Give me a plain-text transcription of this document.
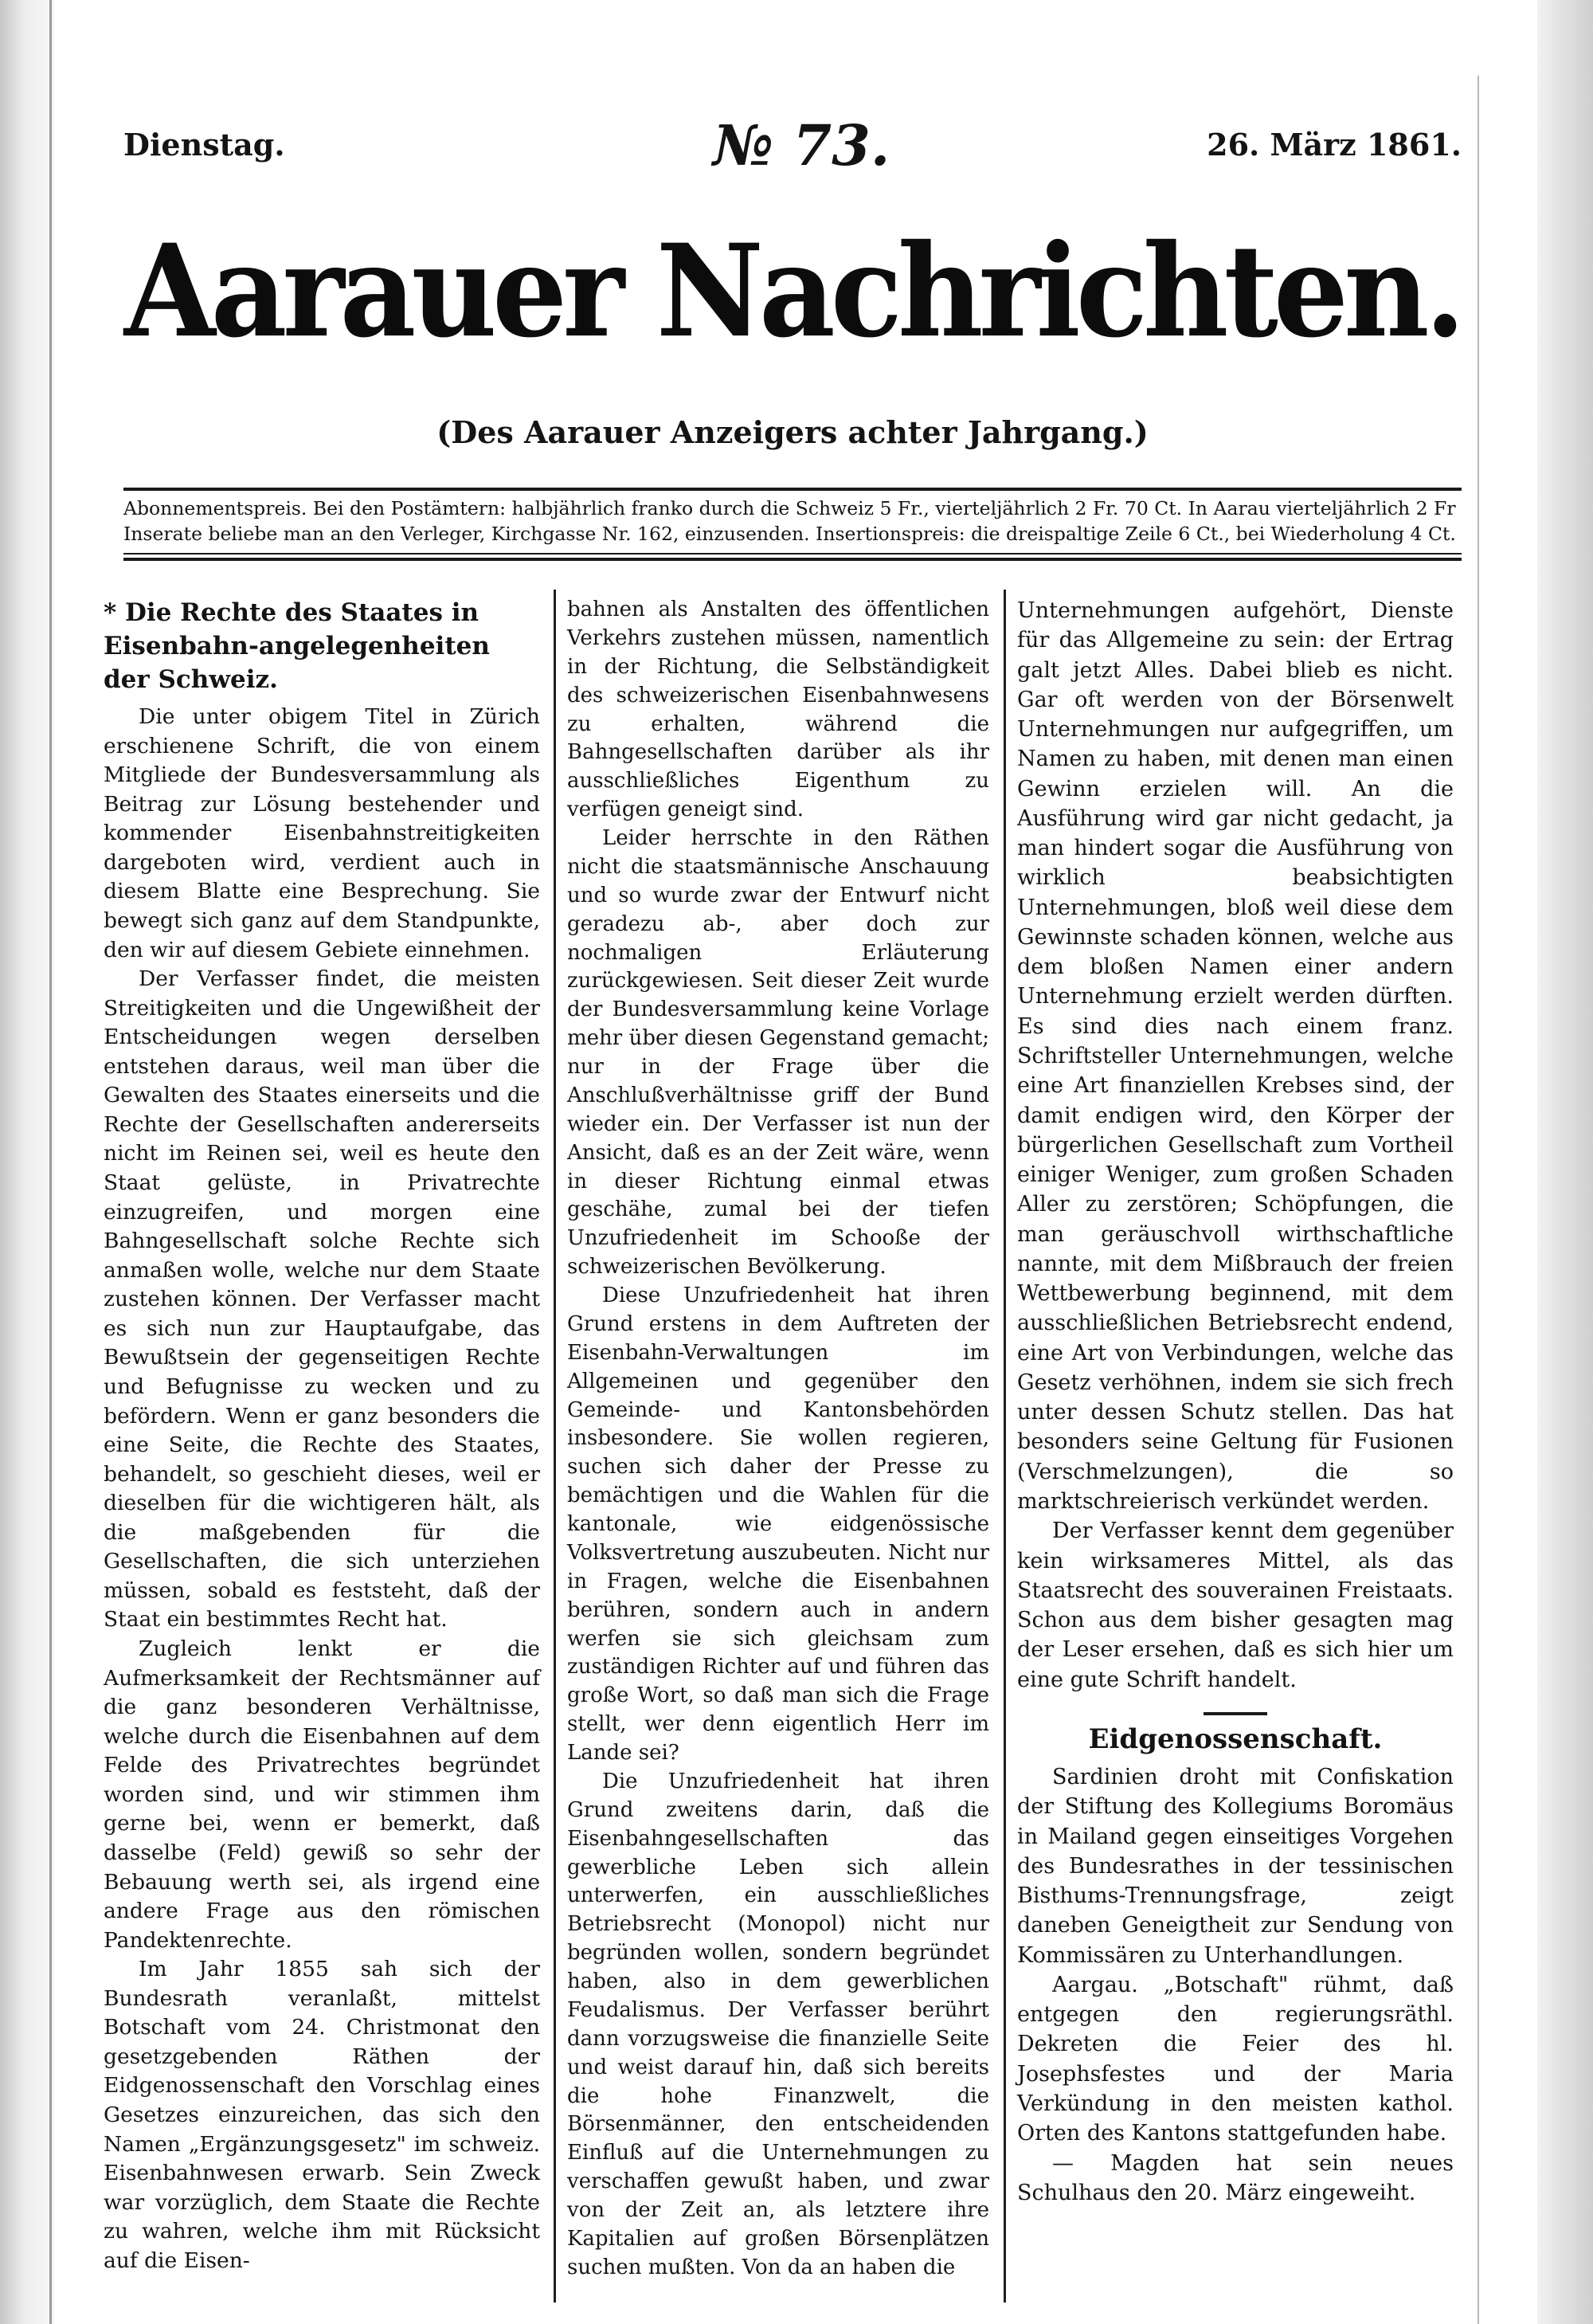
Dienstag.	№ 73.	26. März 1861.
Aarauer Nachrichten.
(Des Aarauer Anzeigers achter Jahrgang.)
Abonnementspreis. Bei den Postämtern: halbjährlich franko durch die Schweiz 5 Fr., vierteljährlich 2 Fr. 70 Ct. In Aarau vierteljährlich 2 Fr
Inserate beliebe man an den Verleger, Kirchgasse Nr. 162, einzusenden. Insertionspreis: die dreispaltige Zeile 6 Ct., bei Wiederholung 4 Ct.

* Die Rechte des Staates in Eisenbahn-angelegenheiten der Schweiz.

Die unter obigem Titel in Zürich erschienene Schrift, die von einem Mitgliede der Bundesversammlung als Beitrag zur Lösung bestehender und kommender Eisenbahnstreitigkeiten dargeboten wird, verdient auch in diesem Blatte eine Besprechung. Sie bewegt sich ganz auf dem Standpunkte, den wir auf diesem Gebiete einnehmen.

Der Verfasser findet, die meisten Streitigkeiten und die Ungewißheit der Entscheidungen wegen derselben entstehen daraus, weil man über die Gewalten des Staates einerseits und die Rechte der Gesellschaften andererseits nicht im Reinen sei, weil es heute den Staat gelüste, in Privatrechte einzugreifen, und morgen eine Bahngesellschaft solche Rechte sich anmaßen wolle, welche nur dem Staate zustehen können. Der Verfasser macht es sich nun zur Hauptaufgabe, das Bewußtsein der gegenseitigen Rechte und Befugnisse zu wecken und zu befördern. Wenn er ganz besonders die eine Seite, die Rechte des Staates, behandelt, so geschieht dieses, weil er dieselben für die wichtigeren hält, als die maßgebenden für die Gesellschaften, die sich unterziehen müssen, sobald es feststeht, daß der Staat ein bestimmtes Recht hat.

Zugleich lenkt er die Aufmerksamkeit der Rechtsmänner auf die ganz besonderen Verhältnisse, welche durch die Eisenbahnen auf dem Felde des Privatrechtes begründet worden sind, und wir stimmen ihm gerne bei, wenn er bemerkt, daß dasselbe (Feld) gewiß so sehr der Bebauung werth sei, als irgend eine andere Frage aus den römischen Pandektenrechte.

Im Jahr 1855 sah sich der Bundesrath veranlaßt, mittelst Botschaft vom 24. Christmonat den gesetzgebenden Räthen der Eidgenossenschaft den Vorschlag eines Gesetzes einzureichen, das sich den Namen „Ergänzungsgesetz" im schweiz. Eisenbahnwesen erwarb. Sein Zweck war vorzüglich, dem Staate die Rechte zu wahren, welche ihm mit Rücksicht auf die Eisen-

bahnen als Anstalten des öffentlichen Verkehrs zustehen müssen, namentlich in der Richtung, die Selbständigkeit des schweizerischen Eisenbahnwesens zu erhalten, während die Bahngesellschaften darüber als ihr ausschließliches Eigenthum zu verfügen geneigt sind.

Leider herrschte in den Räthen nicht die staatsmännische Anschauung und so wurde zwar der Entwurf nicht geradezu ab-, aber doch zur nochmaligen Erläuterung zurückgewiesen. Seit dieser Zeit wurde der Bundesversammlung keine Vorlage mehr über diesen Gegenstand gemacht; nur in der Frage über die Anschlußverhältnisse griff der Bund wieder ein. Der Verfasser ist nun der Ansicht, daß es an der Zeit wäre, wenn in dieser Richtung einmal etwas geschähe, zumal bei der tiefen Unzufriedenheit im Schooße der schweizerischen Bevölkerung.

Diese Unzufriedenheit hat ihren Grund erstens in dem Auftreten der Eisenbahn-Verwaltungen im Allgemeinen und gegenüber den Gemeinde- und Kantonsbehörden insbesondere. Sie wollen regieren, suchen sich daher der Presse zu bemächtigen und die Wahlen für die kantonale, wie eidgenössische Volksvertretung auszubeuten. Nicht nur in Fragen, welche die Eisenbahnen berühren, sondern auch in andern werfen sie sich gleichsam zum zuständigen Richter auf und führen das große Wort, so daß man sich die Frage stellt, wer denn eigentlich Herr im Lande sei?

Die Unzufriedenheit hat ihren Grund zweitens darin, daß die Eisenbahngesellschaften das gewerbliche Leben sich allein unterwerfen, ein ausschließliches Betriebsrecht (Monopol) nicht nur begründen wollen, sondern begründet haben, also in dem gewerblichen Feudalismus. Der Verfasser berührt dann vorzugsweise die finanzielle Seite und weist darauf hin, daß sich bereits die hohe Finanzwelt, die Börsenmänner, den entscheidenden Einfluß auf die Unternehmungen zu verschaffen gewußt haben, und zwar von der Zeit an, als letztere ihre Kapitalien auf großen Börsenplätzen suchen mußten. Von da an haben die

Unternehmungen aufgehört, Dienste für das Allgemeine zu sein: der Ertrag galt jetzt Alles. Dabei blieb es nicht. Gar oft werden von der Börsenwelt Unternehmungen nur aufgegriffen, um Namen zu haben, mit denen man einen Gewinn erzielen will. An die Ausführung wird gar nicht gedacht, ja man hindert sogar die Ausführung von wirklich beabsichtigten Unternehmungen, bloß weil diese dem Gewinnste schaden können, welche aus dem bloßen Namen einer andern Unternehmung erzielt werden dürften. Es sind dies nach einem franz. Schriftsteller Unternehmungen, welche eine Art finanziellen Krebses sind, der damit endigen wird, den Körper der bürgerlichen Gesellschaft zum Vortheil einiger Weniger, zum großen Schaden Aller zu zerstören; Schöpfungen, die man geräuschvoll wirthschaftliche nannte, mit dem Mißbrauch der freien Wettbewerbung beginnend, mit dem ausschließlichen Betriebsrecht endend, eine Art von Verbindungen, welche das Gesetz verhöhnen, indem sie sich frech unter dessen Schutz stellen. Das hat besonders seine Geltung für Fusionen (Verschmelzungen), die so marktschreierisch verkündet werden.

Der Verfasser kennt dem gegenüber kein wirksameres Mittel, als das Staatsrecht des souverainen Freistaats. Schon aus dem bisher gesagten mag der Leser ersehen, daß es sich hier um eine gute Schrift handelt.

Eidgenossenschaft.

Sardinien droht mit Confiskation der Stiftung des Kollegiums Boromäus in Mailand gegen einseitiges Vorgehen des Bundesrathes in der tessinischen Bisthums-Trennungsfrage, zeigt daneben Geneigtheit zur Sendung von Kommissären zu Unterhandlungen.

Aargau. „Botschaft" rühmt, daß entgegen den regierungsräthl. Dekreten die Feier des hl. Josephsfestes und der Maria Verkündung in den meisten kathol. Orten des Kantons stattgefunden habe.

— Magden hat sein neues Schulhaus den 20. März eingeweiht.
